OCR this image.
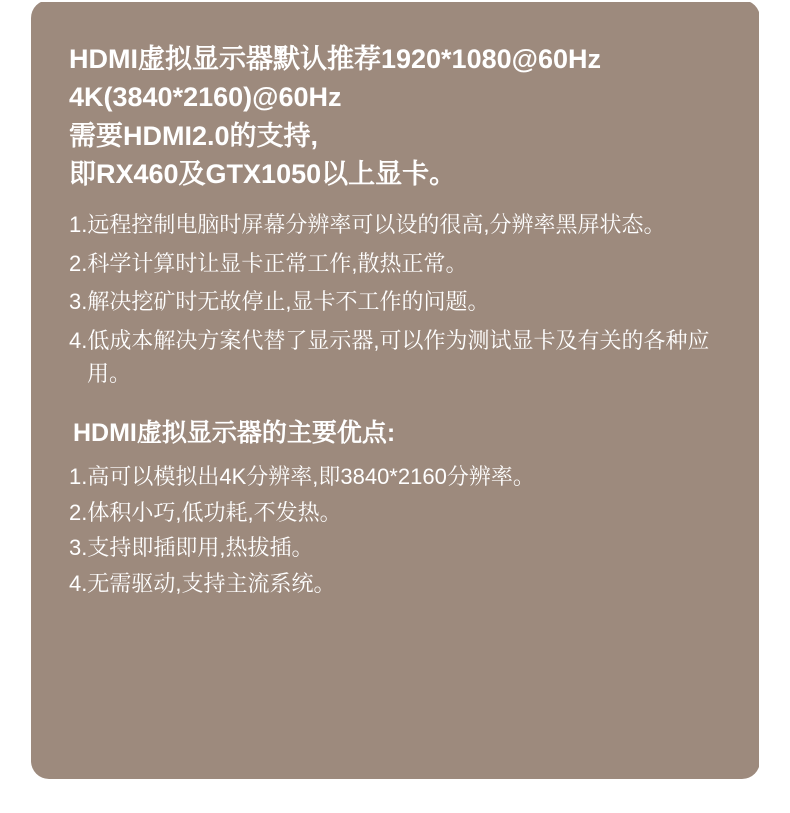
HDMI虚拟显示器默认推荐1920*1080@60Hz
4K(3840*2160)@60Hz
需要HDMI2.0的支持,
即RX460及GTX1050以上显卡。
1.远程控制电脑时屏幕分辨率可以设的很高,分辨率黑屏状态。
2.科学计算时让显卡正常工作,散热正常。
3.解决挖矿时无故停止,显卡不工作的问题。
4.低成本解决方案代替了显示器,可以作为测试显卡及有关的各种应用。
HDMI虚拟显示器的主要优点:
1.高可以模拟出4K分辨率,即3840*2160分辨率。
2.体积小巧,低功耗,不发热。
3.支持即插即用,热拔插。
4.无需驱动,支持主流系统。
